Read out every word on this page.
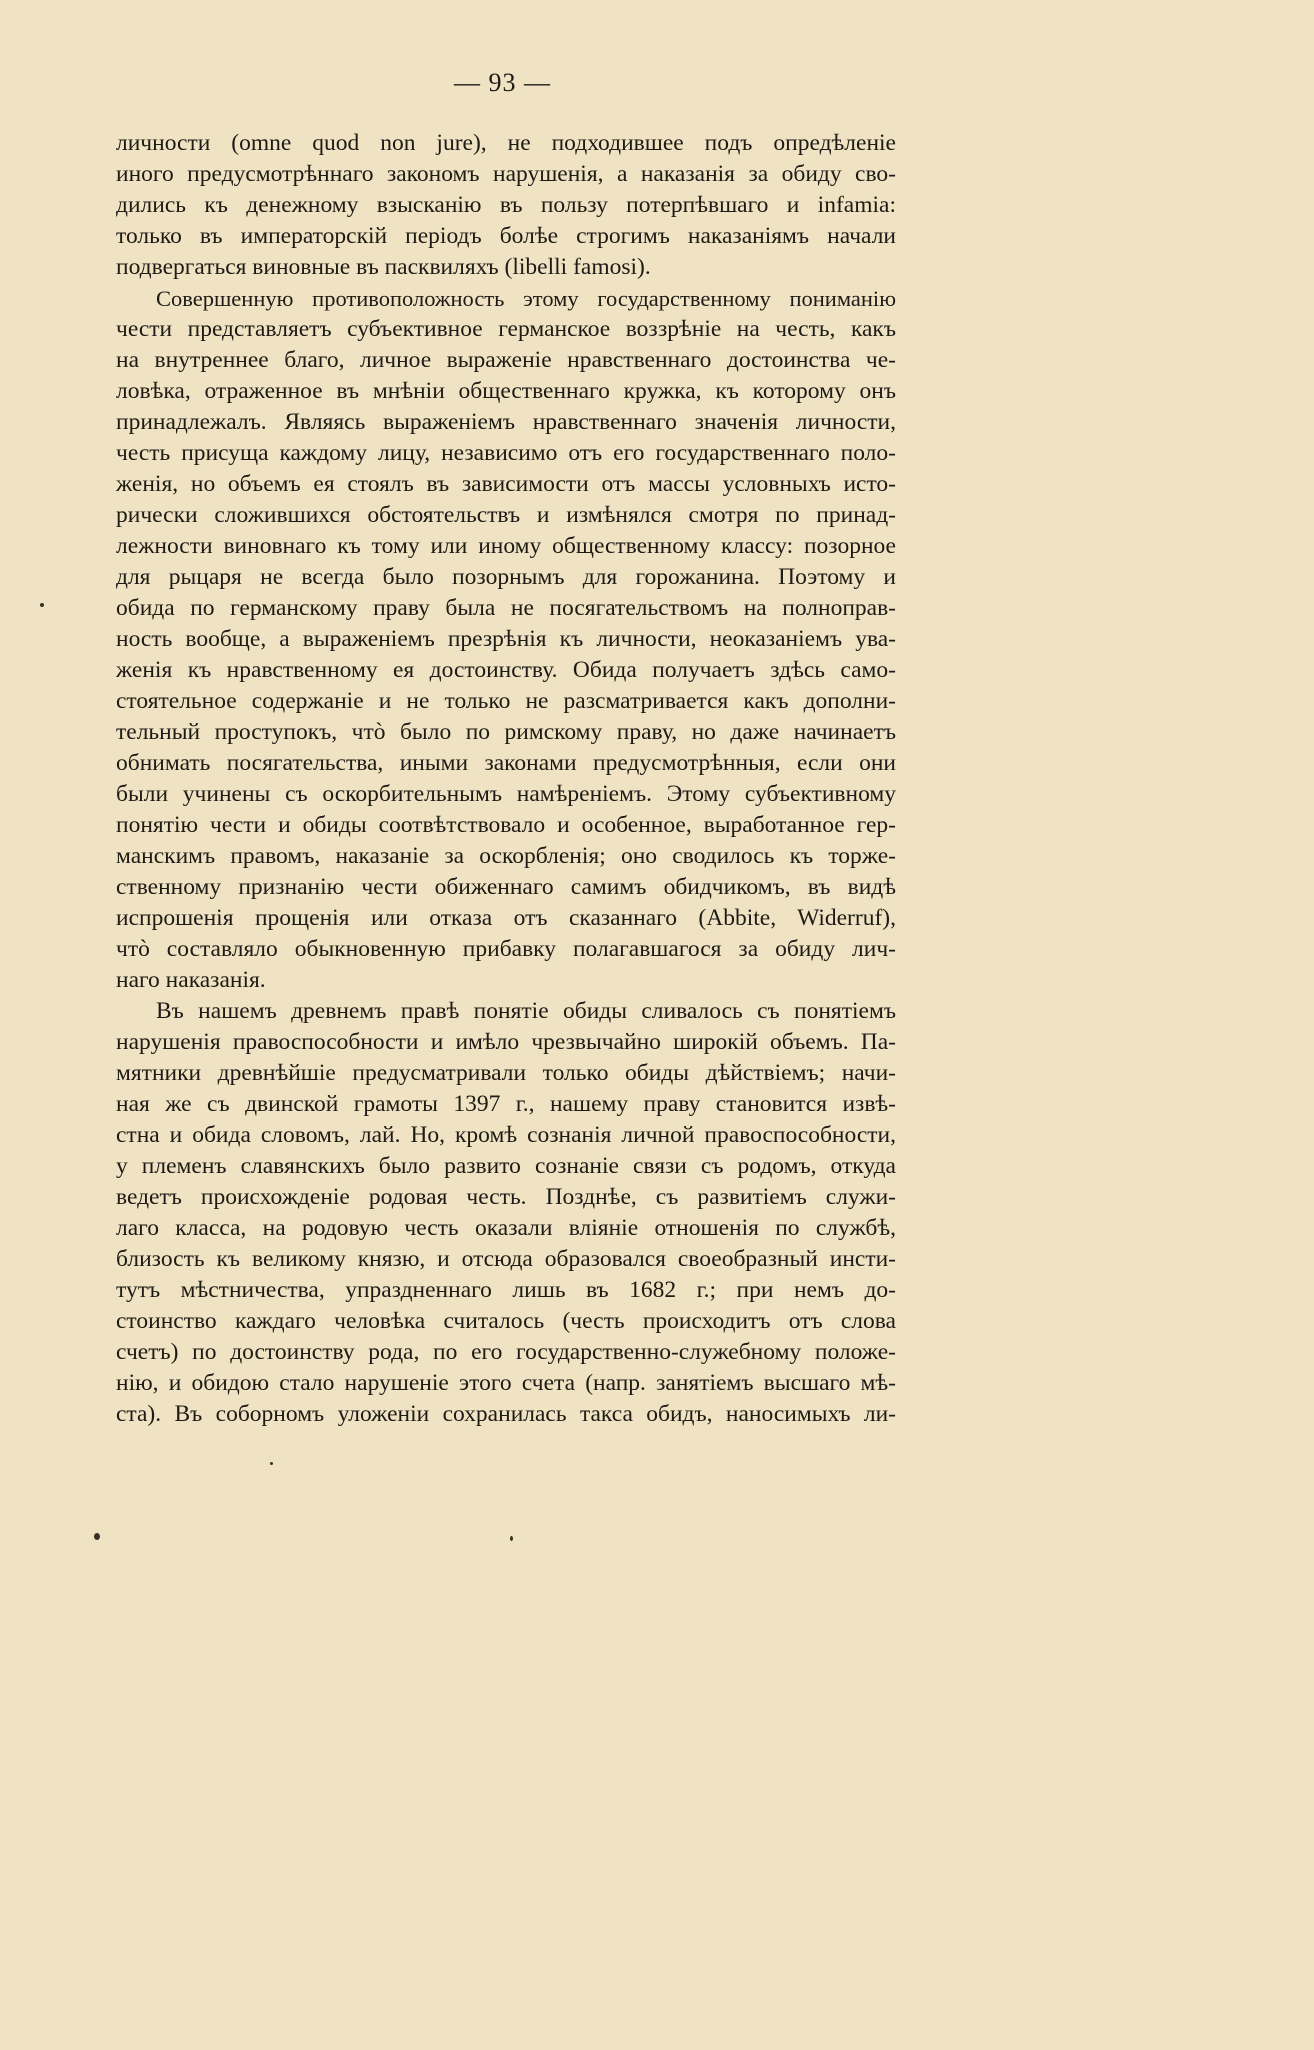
— 93 —
личности (omne quod non jure), не подходившее подъ опредѣленіе
иного предусмотрѣннаго закономъ нарушенія, а наказанія за обиду сво-
дились къ денежному взысканію въ пользу потерпѣвшаго и infamia:
только въ императорскій періодъ болѣе строгимъ наказаніямъ начали
подвергаться виновные въ пасквиляхъ (libelli famosi).
Совершенную противоположность этому государственному пониманію
чести представляетъ субъективное германское воззрѣніе на честь, какъ
на внутреннее благо, личное выраженіе нравственнаго достоинства че-
ловѣка, отраженное въ мнѣніи общественнаго кружка, къ которому онъ
принадлежалъ. Являясь выраженіемъ нравственнаго значенія личности,
честь присуща каждому лицу, независимо отъ его государственнаго поло-
женія, но объемъ ея стоялъ въ зависимости отъ массы условныхъ исто-
рически сложившихся обстоятельствъ и измѣнялся смотря по принад-
лежности виновнаго къ тому или иному общественному классу: позорное
для рыцаря не всегда было позорнымъ для горожанина. Поэтому и
обида по германскому праву была не посягательствомъ на полноправ-
ность вообще, а выраженіемъ презрѣнія къ личности, неоказаніемъ ува-
женія къ нравственному ея достоинству. Обида получаетъ здѣсь само-
стоятельное содержаніе и не только не разсматривается какъ дополни-
тельный проступокъ, чтò было по римскому праву, но даже начинаетъ
обнимать посягательства, иными законами предусмотрѣнныя, если они
были учинены съ оскорбительнымъ намѣреніемъ. Этому субъективному
понятію чести и обиды соотвѣтствовало и особенное, выработанное гер-
манскимъ правомъ, наказаніе за оскорбленія; оно сводилось къ торже-
ственному признанію чести обиженнаго самимъ обидчикомъ, въ видѣ
испрошенія прощенія или отказа отъ сказаннаго (Abbite, Widerruf),
чтò составляло обыкновенную прибавку полагавшагося за обиду лич-
наго наказанія.
Въ нашемъ древнемъ правѣ понятіе обиды сливалось съ понятіемъ
нарушенія правоспособности и имѣло чрезвычайно широкій объемъ. Па-
мятники древнѣйшіе предусматривали только обиды дѣйствіемъ; начи-
ная же съ двинской грамоты 1397 г., нашему праву становится извѣ-
стна и обида словомъ, лай. Но, кромѣ сознанія личной правоспособности,
у племенъ славянскихъ было развито сознаніе связи съ родомъ, откуда
ведетъ происхожденіе родовая честь. Позднѣе, съ развитіемъ служи-
лаго класса, на родовую честь оказали вліяніе отношенія по службѣ,
близость къ великому князю, и отсюда образовался своеобразный инсти-
тутъ мѣстничества, упраздненнаго лишь въ 1682 г.; при немъ до-
стоинство каждаго человѣка считалось (честь происходитъ отъ слова
счетъ) по достоинству рода, по его государственно-служебному положе-
нію, и обидою стало нарушеніе этого счета (напр. занятіемъ высшаго мѣ-
ста). Въ соборномъ уложеніи сохранилась такса обидъ, наносимыхъ ли-
